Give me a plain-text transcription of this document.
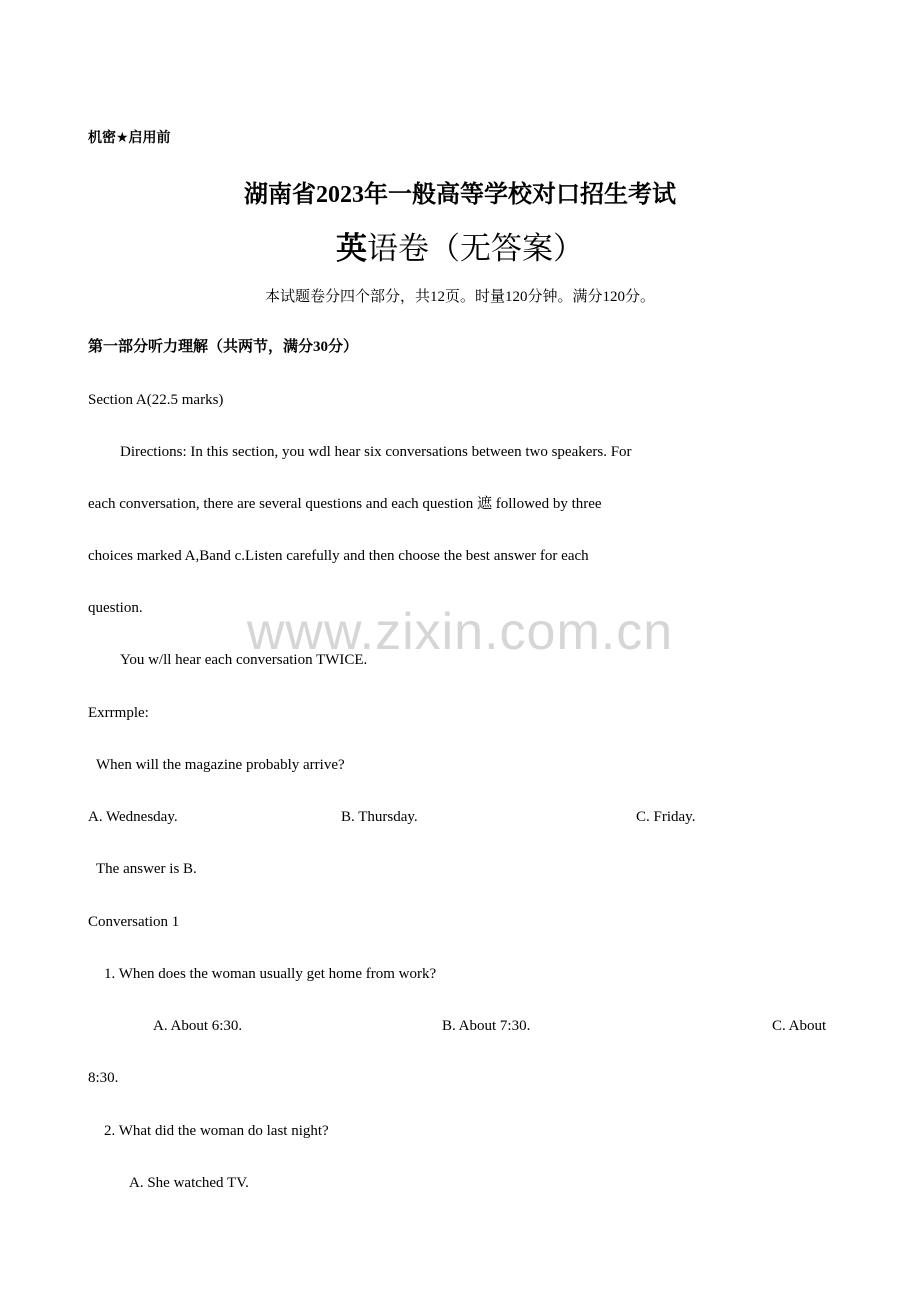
机密★启用前
湖南省2023年一般高等学校对口招生考试
英语卷（无答案）
本试题卷分四个部分，共12页。时量120分钟。满分120分。
第一部分听力理解（共两节，满分30分）
Section A(22.5 marks)
Directions: In this section, you wdl hear six conversations between two speakers. For
each conversation, there are several questions and each question 遮 followed by three
choices marked A,Band c.Listen carefully and then choose the best answer for each
question.	www.zixin.com.cn
You w/ll hear each conversation TWICE.
Exrrmple:
When will the magazine probably arrive?
A. Wednesday.	B. Thursday.	C. Friday.
The answer is B.
Conversation 1
1. When does the woman usually get home from work?
A. About 6:30.	B. About 7:30.	C. About
8:30.
2. What did the woman do last night?
A. She watched TV.
